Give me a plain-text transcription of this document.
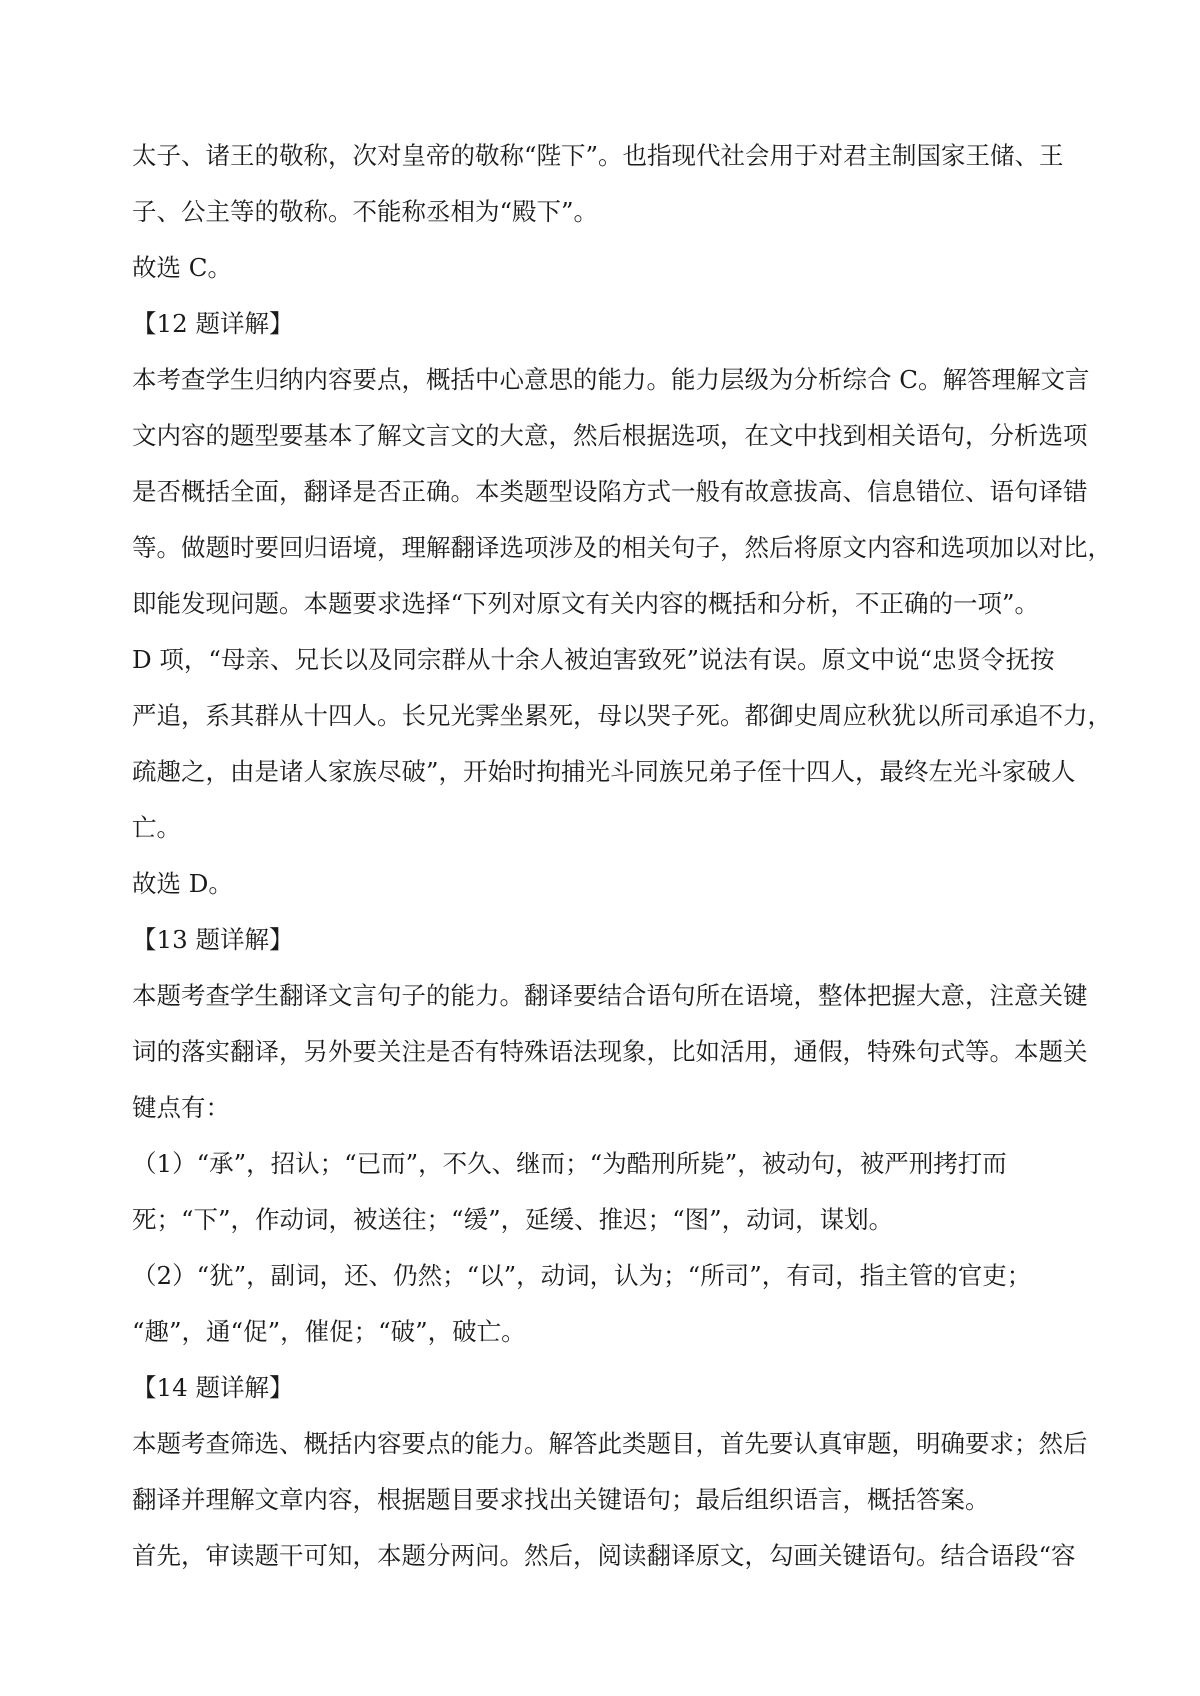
太子、诸王的敬称，次对皇帝的敬称“陛下”。也指现代社会用于对君主制国家王储、王
子、公主等的敬称。不能称丞相为“殿下”。
故选 C。
【12 题详解】
本考查学生归纳内容要点，概括中心意思的能力。能力层级为分析综合 C。解答理解文言
文内容的题型要基本了解文言文的大意，然后根据选项，在文中找到相关语句，分析选项
是否概括全面，翻译是否正确。本类题型设陷方式一般有故意拔高、信息错位、语句译错
等。做题时要回归语境，理解翻译选项涉及的相关句子，然后将原文内容和选项加以对比，
即能发现问题。本题要求选择“下列对原文有关内容的概括和分析，不正确的一项”。
D 项，“母亲、兄长以及同宗群从十余人被迫害致死”说法有误。原文中说“忠贤令抚按
严追，系其群从十四人。长兄光霁坐累死，母以哭子死。都御史周应秋犹以所司承追不力，
疏趣之，由是诸人家族尽破”，开始时拘捕光斗同族兄弟子侄十四人，最终左光斗家破人
亡。
故选 D。
【13 题详解】
本题考查学生翻译文言句子的能力。翻译要结合语句所在语境，整体把握大意，注意关键
词的落实翻译，另外要关注是否有特殊语法现象，比如活用，通假，特殊句式等。本题关
键点有：
（1）“承”，招认；“已而”，不久、继而；“为酷刑所毙”，被动句，被严刑拷打而
死；“下”，作动词，被送往；“缓”，延缓、推迟；“图”，动词，谋划。
（2）“犹”，副词，还、仍然；“以”，动词，认为；“所司”，有司，指主管的官吏；
“趣”，通“促”，催促；“破”，破亡。
【14 题详解】
本题考查筛选、概括内容要点的能力。解答此类题目，首先要认真审题，明确要求；然后
翻译并理解文章内容，根据题目要求找出关键语句；最后组织语言，概括答案。
首先，审读题干可知，本题分两问。然后，阅读翻译原文，勾画关键语句。结合语段“容
